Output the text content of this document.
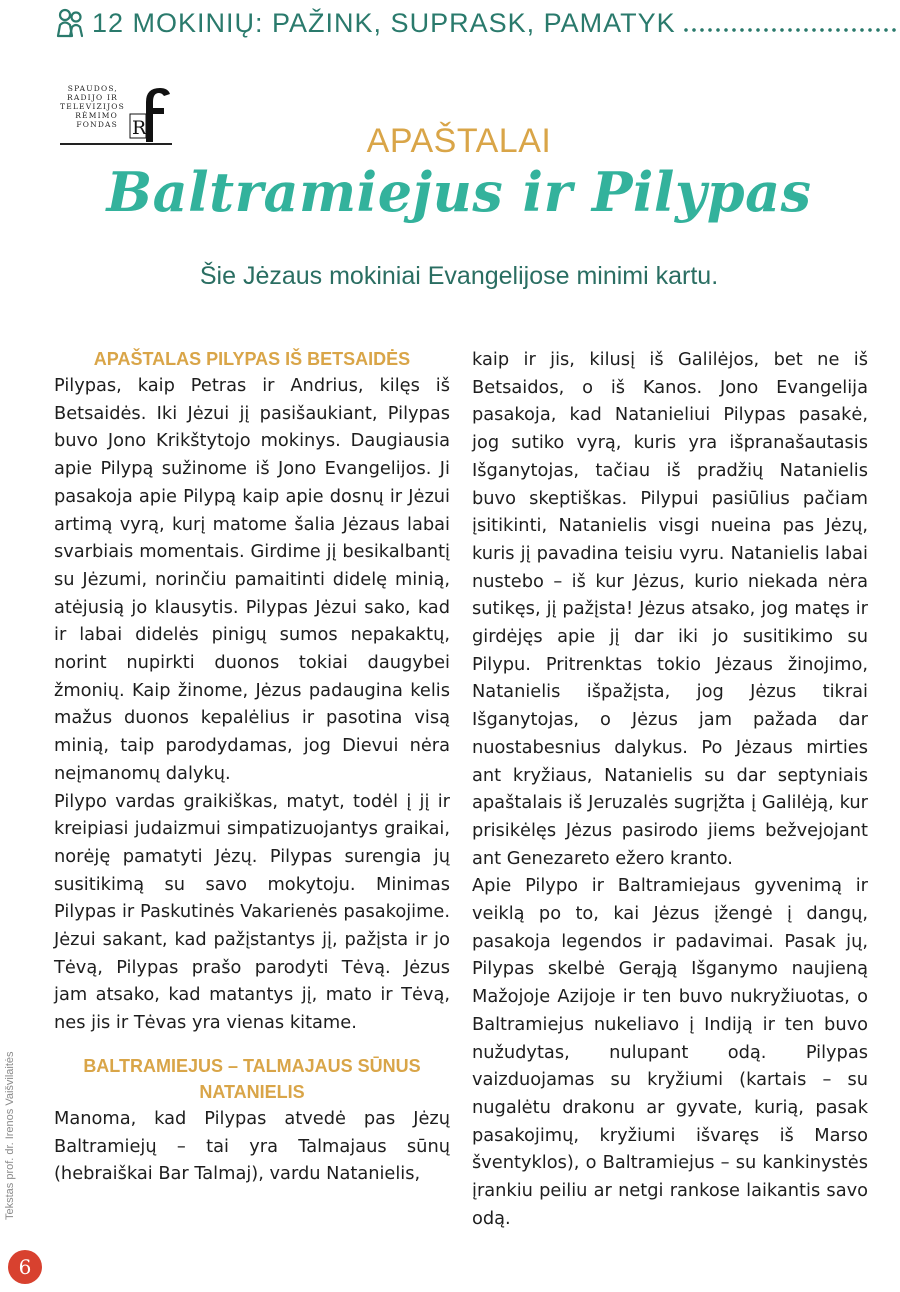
12 MOKINIŲ: PAŽINK, SUPRASK, PAMATYK
SPAUDOS,
RADIJO IR
TELEVIZIJOS
RĖMIMO
FONDAS R	APAŠTALAI
Baltramiejus ir Pilypas
Šie Jėzaus mokiniai Evangelijose minimi kartu.
APAŠTALAS PILYPAS IŠ BETSAIDĖS

Pilypas, kaip Petras ir Andrius, kilęs iš Betsaidės. Iki Jėzui jį pasišaukiant, Pilypas buvo Jono Krikštytojo mokinys. Daugiausia apie Pilypą sužinome iš Jono Evangelijos. Ji pasakoja apie Pilypą kaip apie dosnų ir Jėzui artimą vyrą, kurį matome šalia Jėzaus labai svarbiais momentais. Girdime jį besikalbantį su Jėzumi, norinčiu pamaitinti didelę minią, atėjusią jo klausytis. Pilypas Jėzui sako, kad ir labai didelės pinigų sumos nepakaktų, norint nupirkti duonos tokiai daugybei žmonių. Kaip žinome, Jėzus padaugina kelis mažus duonos kepalėlius ir pasotina visą minią, taip parodydamas, jog Dievui nėra neįmanomų dalykų.

Pilypo vardas graikiškas, matyt, todėl į jį ir kreipiasi judaizmui simpatizuojantys graikai, norėję pamatyti Jėzų. Pilypas surengia jų susitikimą su savo mokytoju. Minimas Pilypas ir Paskutinės Vakarienės pasakojime. Jėzui sakant, kad pažįstantys jį, pažįsta ir jo Tėvą, Pilypas prašo parodyti Tėvą. Jėzus jam atsako, kad matantys jį, mato ir Tėvą, nes jis ir Tėvas yra vienas kitame.

BALTRAMIEJUS – TALMAJAUS SŪNUS NATANIELIS

Manoma, kad Pilypas atvedė pas Jėzų Baltramiejų – tai yra Talmajaus sūnų (hebraiškai Bar Talmaj), vardu Natanielis,

kaip ir jis, kilusį iš Galilėjos, bet ne iš Betsaidos, o iš Kanos. Jono Evangelija pasakoja, kad Natanieliui Pilypas pasakė, jog sutiko vyrą, kuris yra išpranašautasis Išganytojas, tačiau iš pradžių Natanielis buvo skeptiškas. Pilypui pasiūlius pačiam įsitikinti, Natanielis visgi nueina pas Jėzų, kuris jį pavadina teisiu vyru. Natanielis labai nustebo – iš kur Jėzus, kurio niekada nėra sutikęs, jį pažįsta! Jėzus atsako, jog matęs ir girdėjęs apie jį dar iki jo susitikimo su Pilypu. Pritrenktas tokio Jėzaus žinojimo, Natanielis išpažįsta, jog Jėzus tikrai Išganytojas, o Jėzus jam pažada dar nuostabesnius dalykus. Po Jėzaus mirties ant kryžiaus, Natanielis su dar septyniais apaštalais iš Jeruzalės sugrįžta į Galilėją, kur prisikėlęs Jėzus pasirodo jiems bežvejojant ant Genezareto ežero kranto.

Apie Pilypo ir Baltramiejaus gyvenimą ir veiklą po to, kai Jėzus įžengė į dangų, pasakoja legendos ir padavimai. Pasak jų, Pilypas skelbė Gerąją Išganymo naujieną Mažojoje Azijoje ir ten buvo nukryžiuotas, o Baltramiejus nukeliavo į Indiją ir ten buvo nužudytas, nulupant odą. Pilypas vaizduojamas su kryžiumi (kartais – su nugalėtu drakonu ar gyvate, kurią, pasak pasakojimų, kryžiumi išvaręs iš Marso šventyklos), o Baltramiejus – su kankinystės įrankiu peiliu ar netgi rankose laikantis savo odą.

Tekstas prof. dr. Irenos Vaišvilaitės
6
